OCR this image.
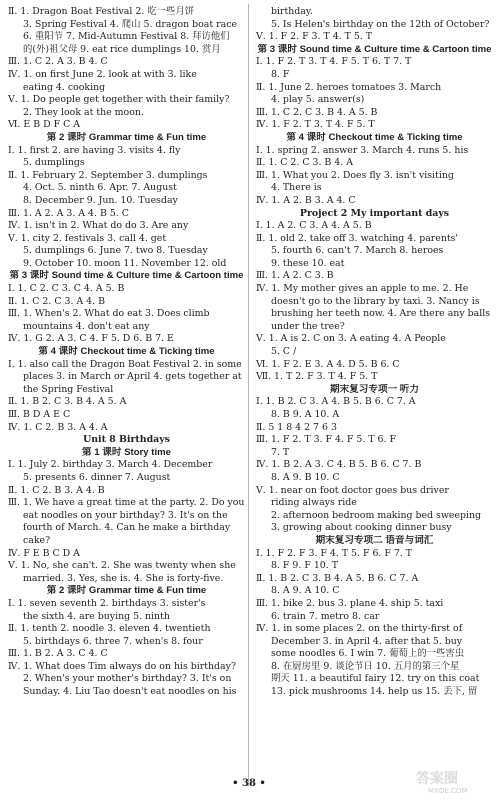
Ⅱ. 1. Dragon Boat Festival 2. 吃一些月饼
3. Spring Festival 4. 爬山 5. dragon boat race
6. 重阳节 7. Mid-Autumn Festival 8. 拜访他们
的(外)祖父母 9. eat rice dumplings 10. 赏月
Ⅲ. 1. C 2. A 3. B 4. C
Ⅳ. 1. on first June 2. look at with 3. like
eating 4. cooking
Ⅴ. 1. Do people get together with their family?
2. They look at the moon.
Ⅵ. E B D F C A
第 2 课时 Grammar time & Fun time
Ⅰ. 1. first 2. are having 3. visits 4. fly
5. dumplings
Ⅱ. 1. February 2. September 3. dumplings
4. Oct. 5. ninth 6. Apr. 7. August
8. December 9. Jun. 10. Tuesday
Ⅲ. 1. A 2. A 3. A 4. B 5. C
Ⅳ. 1. isn't in 2. What do do 3. Are any
Ⅴ. 1. city 2. festivals 3. call 4. get
5. dumplings 6. June 7. two 8. Tuesday
9. October 10. moon 11. November 12. old
第 3 课时 Sound time & Culture time & Cartoon time
Ⅰ. 1. C 2. C 3. C 4. A 5. B
Ⅱ. 1. C 2. C 3. A 4. B
Ⅲ. 1. When's 2. What do eat 3. Does climb
mountains 4. don't eat any
Ⅳ. 1. G 2. A 3. C 4. F 5. D 6. B 7. E
第 4 课时 Checkout time & Ticking time
Ⅰ. 1. also call the Dragon Boat Festival 2. in some
places 3. in March or April 4. gets together at
the Spring Festival
Ⅱ. 1. B 2. C 3. B 4. A 5. A
Ⅲ. B D A E C
Ⅳ. 1. C 2. B 3. A 4. A
Unit 8 Birthdays
第 1 课时 Story time
Ⅰ. 1. July 2. birthday 3. March 4. December
5. presents 6. dinner 7. August
Ⅱ. 1. C 2. B 3. A 4. B
Ⅲ. 1. We have a great time at the party. 2. Do you
eat noodles on your birthday? 3. It's on the
fourth of March. 4. Can he make a birthday
cake?
Ⅳ. F E B C D A
Ⅴ. 1. No, she can't. 2. She was twenty when she
married. 3. Yes, she is. 4. She is forty-five.
第 2 课时 Grammar time & Fun time
Ⅰ. 1. seven seventh 2. birthdays 3. sister's
the sixth 4. are buying 5. ninth
Ⅱ. 1. tenth 2. noodle 3. eleven 4. twentieth
5. birthdays 6. three 7. when's 8. four
Ⅲ. 1. B 2. A 3. C 4. C
Ⅳ. 1. What does Tim always do on his birthday?
2. When's your mother's birthday? 3. It's on
Sunday. 4. Liu Tao doesn't eat noodles on his
birthday.
5. Is Helen's birthday on the 12th of October?
Ⅴ. 1. F 2. F 3. T 4. T 5. T
第 3 课时 Sound time & Culture time & Cartoon time
Ⅰ. 1. F 2. T 3. T 4. F 5. T 6. T 7. T
8. F
Ⅱ. 1. June 2. heroes tomatoes 3. March
4. play 5. answer(s)
Ⅲ. 1. C 2. C 3. B 4. A 5. B
Ⅳ. 1. F 2. T 3. T 4. F 5. T
第 4 课时 Checkout time & Ticking time
Ⅰ. 1. spring 2. answer 3. March 4. runs 5. his
Ⅱ. 1. C 2. C 3. B 4. A
Ⅲ. 1. What you 2. Does fly 3. isn't visiting
4. There is
Ⅳ. 1. A 2. B 3. A 4. C
Project 2 My important days
Ⅰ. 1. A 2. C 3. A 4. A 5. B
Ⅱ. 1. old 2. take off 3. watching 4. parents'
5. fourth 6. can't 7. March 8. heroes
9. these 10. eat
Ⅲ. 1. A 2. C 3. B
Ⅳ. 1. My mother gives an apple to me. 2. He
doesn't go to the library by taxi. 3. Nancy is
brushing her teeth now. 4. Are there any balls
under the tree?
Ⅴ. 1. A is 2. C on 3. A eating 4. A People
5. C /
Ⅵ. 1. F 2. E 3. A 4. D 5. B 6. C
Ⅶ. 1. T 2. F 3. T 4. F 5. T
期末复习专项一 听力
Ⅰ. 1. B 2. C 3. A 4. B 5. B 6. C 7. A
8. B 9. A 10. A
Ⅱ. 5 1 8 4 2 7 6 3
Ⅲ. 1. F 2. T 3. F 4. F 5. T 6. F
7. T
Ⅳ. 1. B 2. A 3. C 4. B 5. B 6. C 7. B
8. A 9. B 10. C
Ⅴ. 1. near on foot doctor goes bus driver
riding always ride
2. afternoon bedroom making bed sweeping
3. growing about cooking dinner busy
期末复习专项二 语音与词汇
Ⅰ. 1. F 2. F 3. F 4. T 5. F 6. F 7. T
8. F 9. F 10. T
Ⅱ. 1. B 2. C 3. B 4. A 5. B 6. C 7. A
8. A 9. A 10. C
Ⅲ. 1. bike 2. bus 3. plane 4. ship 5. taxi
6. train 7. metro 8. car
Ⅳ. 1. in some places 2. on the thirty-first of
December 3. in April 4. after that 5. buy
some noodles 6. I win 7. 葡萄上的一些害虫
8. 在厨房里 9. 谈论节日 10. 五月的第三个星
期天 11. a beautiful fairy 12. try on this coat
13. pick mushrooms 14. help us 15. 丢下, 留
• 38 •	答案圈
MXQE.COM
